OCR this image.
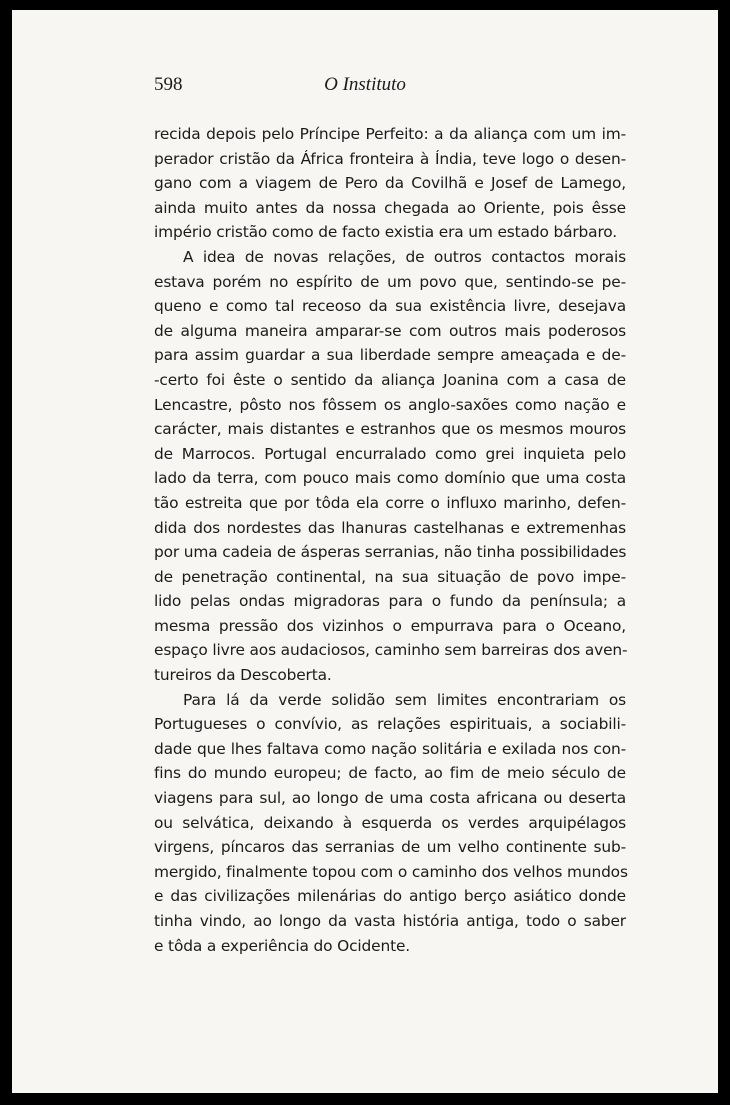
598	O Instituto
recida depois pelo Príncipe Perfeito: a da aliança com um im-
perador cristão da África fronteira à Índia, teve logo o desen-
gano com a viagem de Pero da Covilhã e Josef de Lamego,
ainda muito antes da nossa chegada ao Oriente, pois êsse
império cristão como de facto existia era um estado bárbaro.
A idea de novas relações, de outros contactos morais
estava porém no espírito de um povo que, sentindo-se pe-
queno e como tal receoso da sua existência livre, desejava
de alguma maneira amparar-se com outros mais poderosos
para assim guardar a sua liberdade sempre ameaçada e de-
-certo foi êste o sentido da aliança Joanina com a casa de
Lencastre, pôsto nos fôssem os anglo-saxões como nação e
carácter, mais distantes e estranhos que os mesmos mouros
de Marrocos. Portugal encurralado como grei inquieta pelo
lado da terra, com pouco mais como domínio que uma costa
tão estreita que por tôda ela corre o influxo marinho, defen-
dida dos nordestes das lhanuras castelhanas e extremenhas
por uma cadeia de ásperas serranias, não tinha possibilidades
de penetração continental, na sua situação de povo impe-
lido pelas ondas migradoras para o fundo da península; a
mesma pressão dos vizinhos o empurrava para o Oceano,
espaço livre aos audaciosos, caminho sem barreiras dos aven-
tureiros da Descoberta.
Para lá da verde solidão sem limites encontrariam os
Portugueses o convívio, as relações espirituais, a sociabili-
dade que lhes faltava como nação solitária e exilada nos con-
fins do mundo europeu; de facto, ao fim de meio século de
viagens para sul, ao longo de uma costa africana ou deserta
ou selvática, deixando à esquerda os verdes arquipélagos
virgens, píncaros das serranias de um velho continente sub-
mergido, finalmente topou com o caminho dos velhos mundos
e das civilizações milenárias do antigo berço asiático donde
tinha vindo, ao longo da vasta história antiga, todo o saber
e tôda a experiência do Ocidente.
